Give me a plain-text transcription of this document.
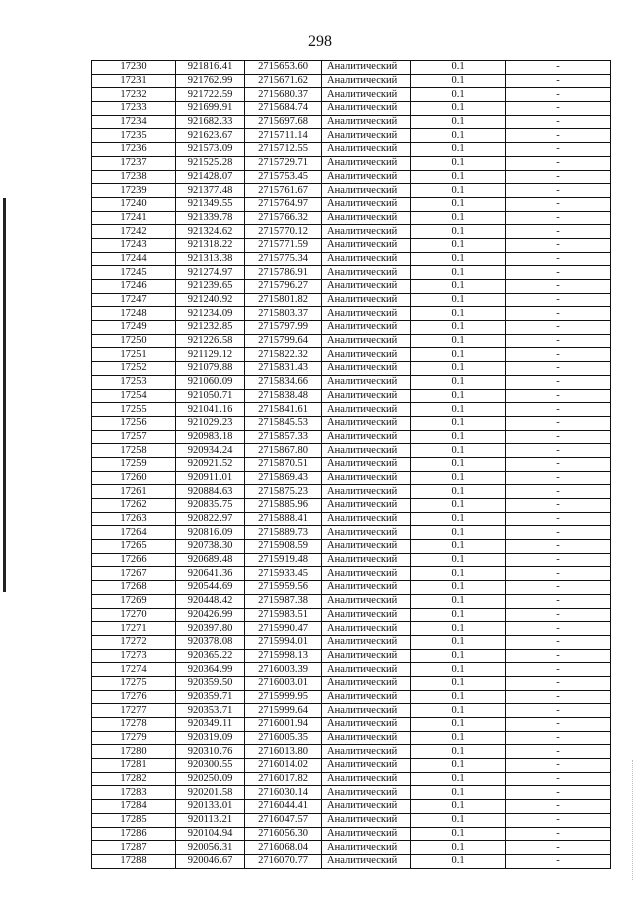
298
17230	921816.41	2715653.60	Аналитический	0.1	-
17231	921762.99	2715671.62	Аналитический	0.1	-
17232	921722.59	2715680.37	Аналитический	0.1	-
17233	921699.91	2715684.74	Аналитический	0.1	-
17234	921682.33	2715697.68	Аналитический	0.1	-
17235	921623.67	2715711.14	Аналитический	0.1	-
17236	921573.09	2715712.55	Аналитический	0.1	-
17237	921525.28	2715729.71	Аналитический	0.1	-
17238	921428.07	2715753.45	Аналитический	0.1	-
17239	921377.48	2715761.67	Аналитический	0.1	-
17240	921349.55	2715764.97	Аналитический	0.1	-
17241	921339.78	2715766.32	Аналитический	0.1	-
17242	921324.62	2715770.12	Аналитический	0.1	-
17243	921318.22	2715771.59	Аналитический	0.1	-
17244	921313.38	2715775.34	Аналитический	0.1	-
17245	921274.97	2715786.91	Аналитический	0.1	-
17246	921239.65	2715796.27	Аналитический	0.1	-
17247	921240.92	2715801.82	Аналитический	0.1	-
17248	921234.09	2715803.37	Аналитический	0.1	-
17249	921232.85	2715797.99	Аналитический	0.1	-
17250	921226.58	2715799.64	Аналитический	0.1	-
17251	921129.12	2715822.32	Аналитический	0.1	-
17252	921079.88	2715831.43	Аналитический	0.1	-
17253	921060.09	2715834.66	Аналитический	0.1	-
17254	921050.71	2715838.48	Аналитический	0.1	-
17255	921041.16	2715841.61	Аналитический	0.1	-
17256	921029.23	2715845.53	Аналитический	0.1	-
17257	920983.18	2715857.33	Аналитический	0.1	-
17258	920934.24	2715867.80	Аналитический	0.1	-
17259	920921.52	2715870.51	Аналитический	0.1	-
17260	920911.01	2715869.43	Аналитический	0.1	-
17261	920884.63	2715875.23	Аналитический	0.1	-
17262	920835.75	2715885.96	Аналитический	0.1	-
17263	920822.97	2715888.41	Аналитический	0.1	-
17264	920816.09	2715889.73	Аналитический	0.1	-
17265	920738.30	2715908.59	Аналитический	0.1	-
17266	920689.48	2715919.48	Аналитический	0.1	-
17267	920641.36	2715933.45	Аналитический	0.1	-
17268	920544.69	2715959.56	Аналитический	0.1	-
17269	920448.42	2715987.38	Аналитический	0.1	-
17270	920426.99	2715983.51	Аналитический	0.1	-
17271	920397.80	2715990.47	Аналитический	0.1	-
17272	920378.08	2715994.01	Аналитический	0.1	-
17273	920365.22	2715998.13	Аналитический	0.1	-
17274	920364.99	2716003.39	Аналитический	0.1	-
17275	920359.50	2716003.01	Аналитический	0.1	-
17276	920359.71	2715999.95	Аналитический	0.1	-
17277	920353.71	2715999.64	Аналитический	0.1	-
17278	920349.11	2716001.94	Аналитический	0.1	-
17279	920319.09	2716005.35	Аналитический	0.1	-
17280	920310.76	2716013.80	Аналитический	0.1	-
17281	920300.55	2716014.02	Аналитический	0.1	-
17282	920250.09	2716017.82	Аналитический	0.1	-
17283	920201.58	2716030.14	Аналитический	0.1	-
17284	920133.01	2716044.41	Аналитический	0.1	-
17285	920113.21	2716047.57	Аналитический	0.1	-
17286	920104.94	2716056.30	Аналитический	0.1	-
17287	920056.31	2716068.04	Аналитический	0.1	-
17288	920046.67	2716070.77	Аналитический	0.1	-
